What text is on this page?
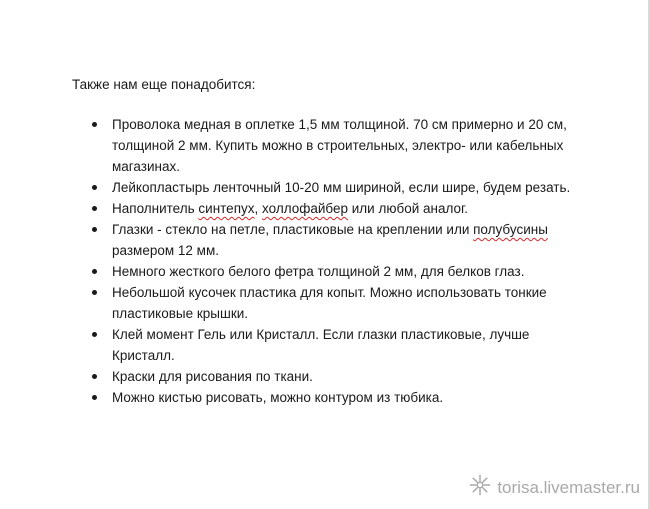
Также нам еще понадобится:

Проволока медная в оплетке 1,5 мм толщиной. 70 см примерно и 20 см, толщиной 2 мм. Купить можно в строительных, электро- или кабельных магазинах.
Лейкопластырь ленточный 10-20 мм шириной, если шире, будем резать.
Наполнитель синтепух, холлофайбер или любой аналог.
Глазки - стекло на петле, пластиковые на креплении или полубусины размером 12 мм.
Немного жесткого белого фетра толщиной 2 мм, для белков глаз.
Небольшой кусочек пластика для копыт. Можно использовать тонкие пластиковые крышки.
Клей момент Гель или Кристалл. Если глазки пластиковые, лучше Кристалл.
Краски для рисования по ткани.
Можно кистью рисовать, можно контуром из тюбика.
torisa.livemaster.ru
